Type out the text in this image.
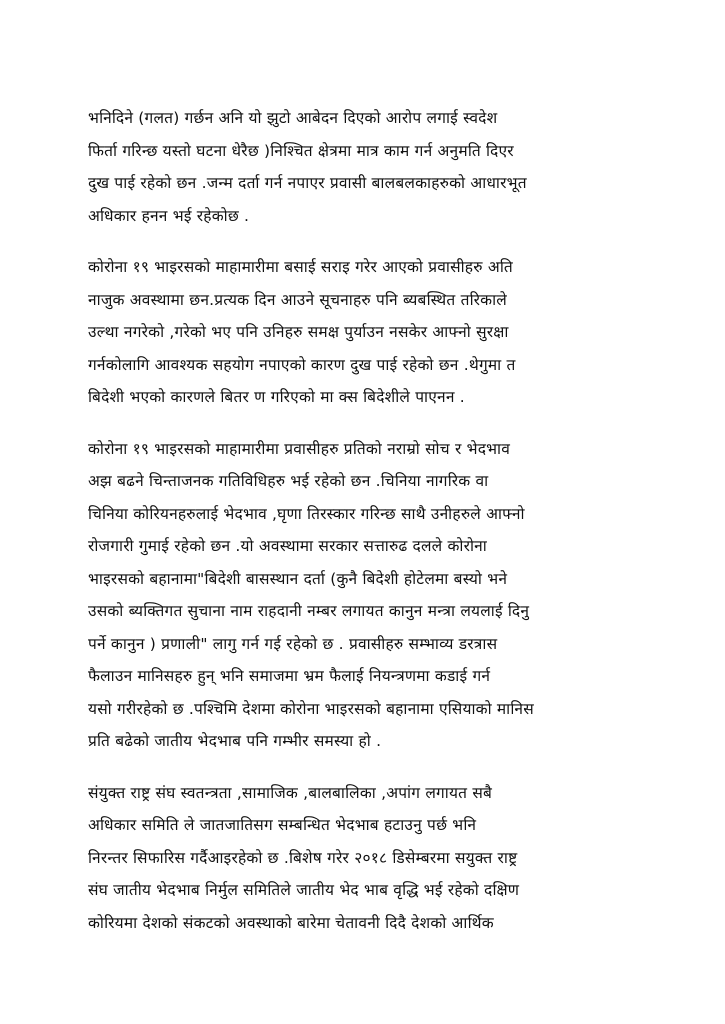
भनिदिने (गलत) गर्छन अनि यो झुटो आबेदन दिएको आरोप लगाई स्वदेश
फिर्ता गरिन्छ यस्तो घटना धेरैछ )निश्चित क्षेत्रमा मात्र काम गर्न अनुमति दिएर
दुख पाई रहेको छन .जन्म दर्ता गर्न नपाएर प्रवासी बालबलकाहरुको आधारभूत
अधिकार हनन भई रहेकोछ .
कोरोना १९ भाइरसको माहामारीमा बसाई सराइ गरेर आएको प्रवासीहरु अति
नाजुक अवस्थामा छन.प्रत्यक दिन आउने सूचनाहरु पनि ब्यबस्थित तरिकाले
उल्था नगरेको ,गरेको भए पनि उनिहरु समक्ष पुर्याउन नसकेर आफ्नो सुरक्षा
गर्नकोलागि आवश्यक सहयोग नपाएको कारण दुख पाई रहेको छन .थेगुमा त
बिदेशी भएको कारणले बितर ण गरिएको मा क्स बिदेशीले पाएनन .
कोरोना १९ भाइरसको माहामारीमा प्रवासीहरु प्रतिको नराम्रो सोच र भेदभाव
अझ बढने चिन्ताजनक गतिविधिहरु भई रहेको छन .चिनिया नागरिक वा
चिनिया कोरियनहरुलाई भेदभाव ,घृणा तिरस्कार गरिन्छ साथै उनीहरुले आफ्नो
रोजगारी गुमाई रहेको छन .यो अवस्थामा सरकार सत्तारुढ दलले कोरोना
भाइरसको बहानामा"बिदेशी बासस्थान दर्ता (कुनै बिदेशी होटेलमा बस्यो भने
उसको ब्यक्तिगत सुचाना नाम राहदानी नम्बर लगायत कानुन मन्त्रा लयलाई दिनु
पर्ने कानुन ) प्रणाली" लागु गर्न गई रहेको छ . प्रवासीहरु सम्भाव्य डरत्रास
फैलाउन मानिसहरु हुन् भनि समाजमा भ्रम फैलाई नियन्त्रणमा कडाई गर्न
यसो गरीरहेको छ .पश्चिमि देशमा कोरोना भाइरसको बहानामा एसियाको मानिस
प्रति बढेको जातीय भेदभाब पनि गम्भीर समस्या हो .
संयुक्त राष्ट्र संघ स्वतन्त्रता ,सामाजिक ,बालबालिका ,अपांग लगायत सबै
अधिकार समिति ले जातजातिसग सम्बन्धित भेदभाब हटाउनु पर्छ भनि
निरन्तर सिफारिस गर्दैआइरहेको छ .बिशेष गरेर २०१८ डिसेम्बरमा सयुक्त राष्ट्र
संघ जातीय भेदभाब निर्मुल समितिले जातीय भेद भाब वृद्धि भई रहेको दक्षिण
कोरियमा देशको संकटको अवस्थाको बारेमा चेतावनी दिदै देशको आर्थिक
